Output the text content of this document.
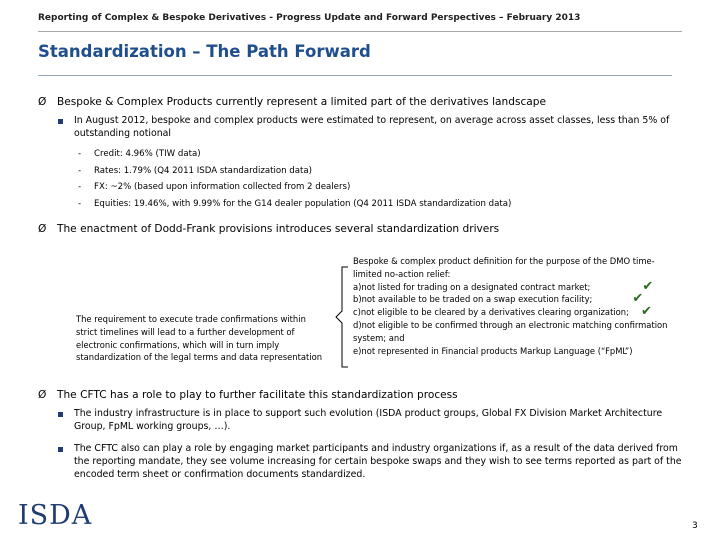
Reporting of Complex & Bespoke Derivatives - Progress Update and Forward Perspectives – February 2013
Standardization – The Path Forward
Ø Bespoke & Complex Products currently represent a limited part of the derivatives landscape
In August 2012, bespoke and complex products were estimated to represent, on average across asset classes, less than 5% of outstanding notional
- Credit: 4.96% (TIW data)
- Rates: 1.79% (Q4 2011 ISDA standardization data)
- FX: ~2% (based upon information collected from 2 dealers)
- Equities: 19.46%, with 9.99% for the G14 dealer population (Q4 2011 ISDA standardization data)
Ø The enactment of Dodd-Frank provisions introduces several standardization drivers
The requirement to execute trade confirmations within strict timelines will lead to a further development of electronic confirmations, which will in turn imply standardization of the legal terms and data representation
Bespoke & complex product definition for the purpose of the DMO time-
limited no-action relief:
a)not listed for trading on a designated contract market;	✔
b)not available to be traded on a swap execution facility;	✔
c)not eligible to be cleared by a derivatives clearing organization; ✔
d)not eligible to be confirmed through an electronic matching confirmation
system; and
e)not represented in Financial products Markup Language (“FpML”)
Ø The CFTC has a role to play to further facilitate this standardization process
The industry infrastructure is in place to support such evolution (ISDA product groups, Global FX Division Market Architecture Group, FpML working groups, …).
The CFTC also can play a role by engaging market participants and industry organizations if, as a result of the data derived from the reporting mandate, they see volume increasing for certain bespoke swaps and they wish to see terms reported as part of the encoded term sheet or confirmation documents standardized.
ISDA	3
